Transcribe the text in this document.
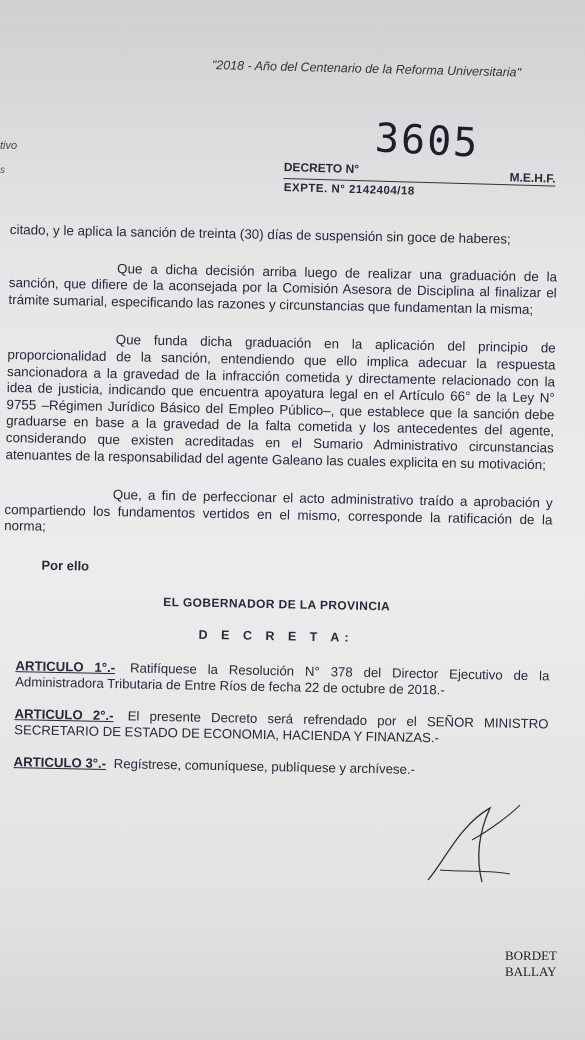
"2018 - Año del Centenario de la Reforma Universitaria"
tivo
s
3605
DECRETO N°
M.E.H.F.
EXPTE. N° 2142404/18

citado, y le aplica la sanción de treinta (30) días de suspensión sin goce de haberes;

Que a dicha decisión arriba luego de realizar una graduación de la sanción, que difiere de la aconsejada por la Comisión Asesora de Disciplina al finalizar el trámite sumarial, especificando las razones y circunstancias que fundamentan la misma;

Que funda dicha graduación en la aplicación del principio de proporcionalidad de la sanción, entendiendo que ello implica adecuar la respuesta sancionadora a la gravedad de la infracción cometida y directamente relacionado con la idea de justicia, indicando que encuentra apoyatura legal en el Artículo 66° de la Ley N° 9755 –Régimen Jurídico Básico del Empleo Público–, que establece que la sanción debe graduarse en base a la gravedad de la falta cometida y los antecedentes del agente, considerando que existen acreditadas en el Sumario Administrativo circunstancias atenuantes de la responsabilidad del agente Galeano las cuales explicita en su motivación;

Que, a fin de perfeccionar el acto administrativo traído a aprobación y compartiendo los fundamentos vertidos en el mismo, corresponde la ratificación de la norma;

Por ello
EL GOBERNADOR DE LA PROVINCIA
D E C R E T A:

ARTICULO 1°.- Ratifíquese la Resolución N° 378 del Director Ejecutivo de la Administradora Tributaria de Entre Ríos de fecha 22 de octubre de 2018.-

ARTICULO 2°.- El presente Decreto será refrendado por el SEÑOR MINISTRO SECRETARIO DE ESTADO DE ECONOMIA, HACIENDA Y FINANZAS.-

ARTICULO 3°.- Regístrese, comuníquese, publíquese y archívese.-

BORDET
BALLAY
